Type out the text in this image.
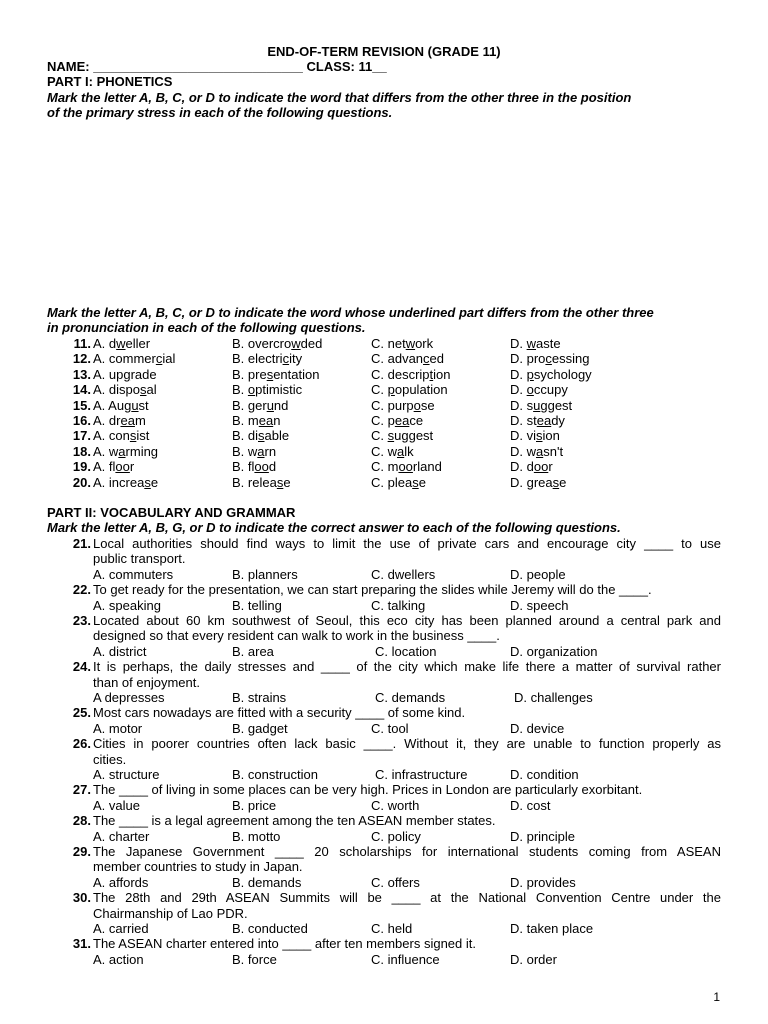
END-OF-TERM REVISION (GRADE 11)
NAME: _____________________________ CLASS: 11__
PART I: PHONETICS
Mark the letter A, B, C, or D to indicate the word that differs from the other three in the position
of the primary stress in each of the following questions.
Mark the letter A, B, C, or D to indicate the word whose underlined part differs from the other three
in pronunciation in each of the following questions.
11. A. dweller	B. overcrowded	C. network	D. waste
12. A. commercial	B. electricity	C. advanced	D. processing
13. A. upgrade	B. presentation	C. description	D. psychology
14. A. disposal	B. optimistic	C. population	D. occupy
15. A. August	B. gerund	C. purpose	D. suggest
16. A. dream	B. mean	C. peace	D. steady
17. A. consist	B. disable	C. suggest	D. vision
18. A. warming	B. warn	C. walk	D. wasn't
19. A. floor	B. flood	C. moorland	D. door
20. A. increase	B. release	C. please	D. grease
PART II: VOCABULARY AND GRAMMAR
Mark the letter A, B, G, or D to indicate the correct answer to each of the following questions.
21. Local authorities should find ways to limit the use of private cars and encourage city ____ to use
public transport.
A. commuters	B. planners	C. dwellers	D. people
22. To get ready for the presentation, we can start preparing the slides while Jeremy will do the ____.
A. speaking	B. telling	C. talking	D. speech
23. Located about 60 km southwest of Seoul, this eco city has been planned around a central park and
designed so that every resident can walk to work in the business ____.
A. district	B. area	C. location	D. organization
24. It is perhaps, the daily stresses and ____ of the city which make life there a matter of survival rather
than of enjoyment.
A depresses	B. strains	C. demands	D. challenges
25. Most cars nowadays are fitted with a security ____ of some kind.
A. motor	B. gadget	C. tool	D. device
26. Cities in poorer countries often lack basic ____. Without it, they are unable to function properly as
cities.
A. structure	B. construction	C. infrastructure	D. condition
27. The ____ of living in some places can be very high. Prices in London are particularly exorbitant.
A. value	B. price	C. worth	D. cost
28. The ____ is a legal agreement among the ten ASEAN member states.
A. charter	B. motto	C. policy	D. principle
29. The Japanese Government ____ 20 scholarships for international students coming from ASEAN
member countries to study in Japan.
A. affords	B. demands	C. offers	D. provides
30. The 28th and 29th ASEAN Summits will be ____ at the National Convention Centre under the
Chairmanship of Lao PDR.
A. carried	B. conducted	C. held	D. taken place
31. The ASEAN charter entered into ____ after ten members signed it.
A. action	B. force	C. influence	D. order
1
